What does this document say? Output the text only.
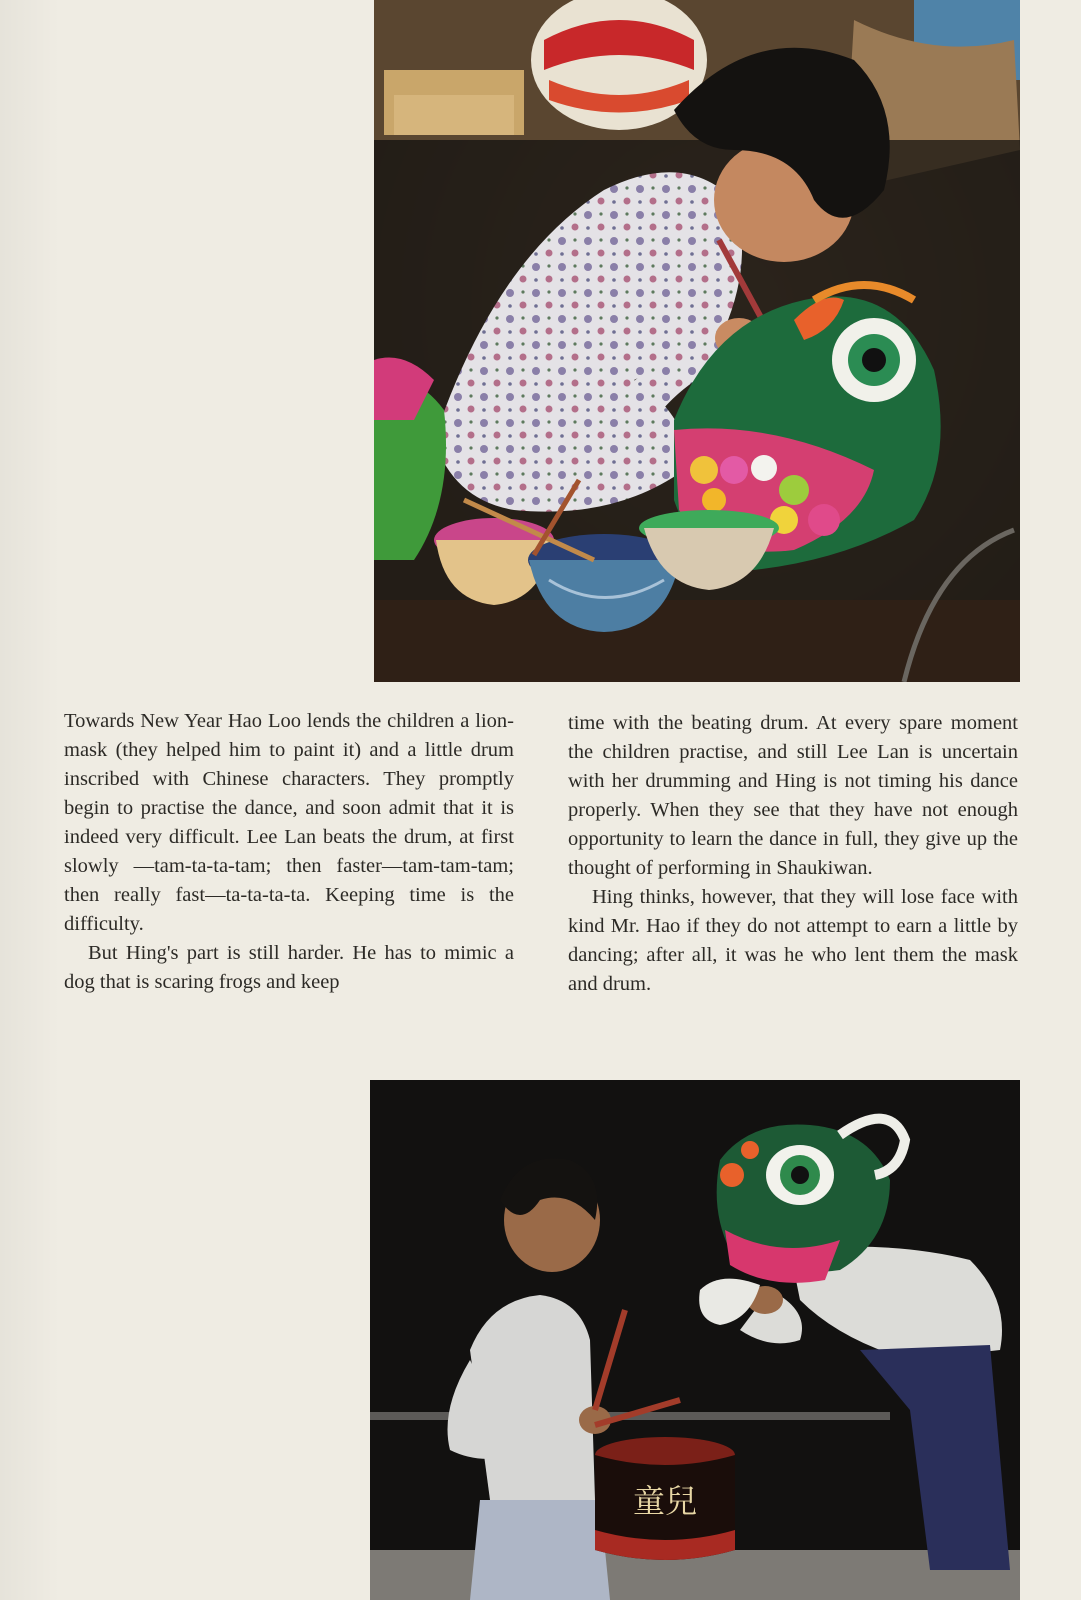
Towards New Year Hao Loo lends the children a lion-mask (they helped him to paint it) and a little drum inscribed with Chinese characters. They promptly begin to practise the dance, and soon admit that it is indeed very difficult. Lee Lan beats the drum, at first slowly —tam-ta-ta-tam; then faster—tam-tam-tam; then really fast—ta-ta-ta-ta. Keeping time is the difficulty.

But Hing's part is still harder. He has to mimic a dog that is scaring frogs and keep

time with the beating drum. At every spare moment the children practise, and still Lee Lan is uncertain with her drumming and Hing is not timing his dance properly. When they see that they have not enough opportunity to learn the dance in full, they give up the thought of performing in Shaukiwan.

Hing thinks, however, that they will lose face with kind Mr. Hao if they do not attempt to earn a little by dancing; after all, it was he who lent them the mask and drum.

童兒
